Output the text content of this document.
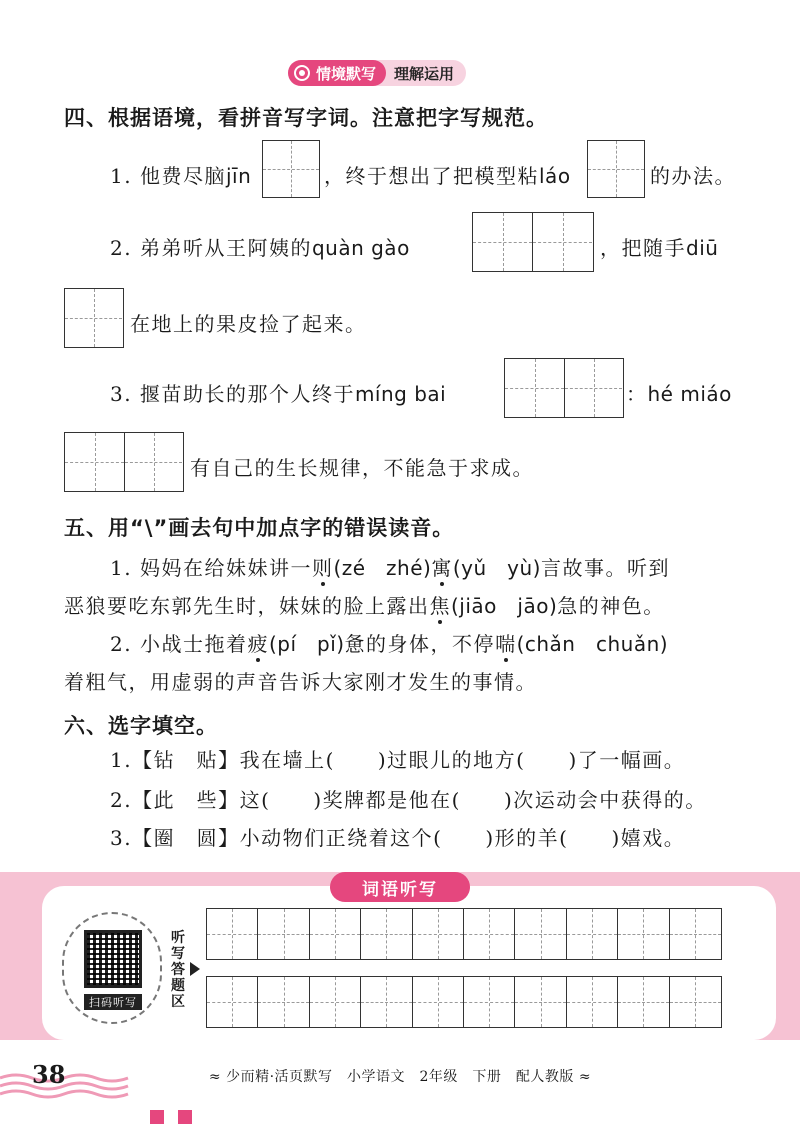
情境默写	理解运用
四、根据语境，看拼音写字词。注意把字写规范。
1. 他费尽脑jīn	，终于想出了把模型粘láo	的办法。
2. 弟弟听从王阿姨的quàn gào	，把随手diū
在地上的果皮捡了起来。
3. 揠苗助长的那个人终于míng bai	：hé miáo
有自己的生长规律，不能急于求成。
五、用“\”画去句中加点字的错误读音。
1. 妈妈在给妹妹讲一则(zé　zhé)寓(yǔ　yù)言故事。听到
恶狼要吃东郭先生时，妹妹的脸上露出焦(jiāo　jāo)急的神色。
2. 小战士拖着疲(pí　pǐ)惫的身体，不停喘(chǎn　chuǎn)
着粗气，用虚弱的声音告诉大家刚才发生的事情。
六、选字填空。
1.【钻　贴】我在墙上(　　)过眼儿的地方(　　)了一幅画。
2.【此　些】这(　　)奖牌都是他在(　　)次运动会中获得的。
3.【圈　圆】小动物们正绕着这个(　　)形的羊(　　)嬉戏。
词语听写
扫码听写
听写答题区
38	≈ 少而精·活页默写　小学语文　2年级　下册　配人教版 ≈
